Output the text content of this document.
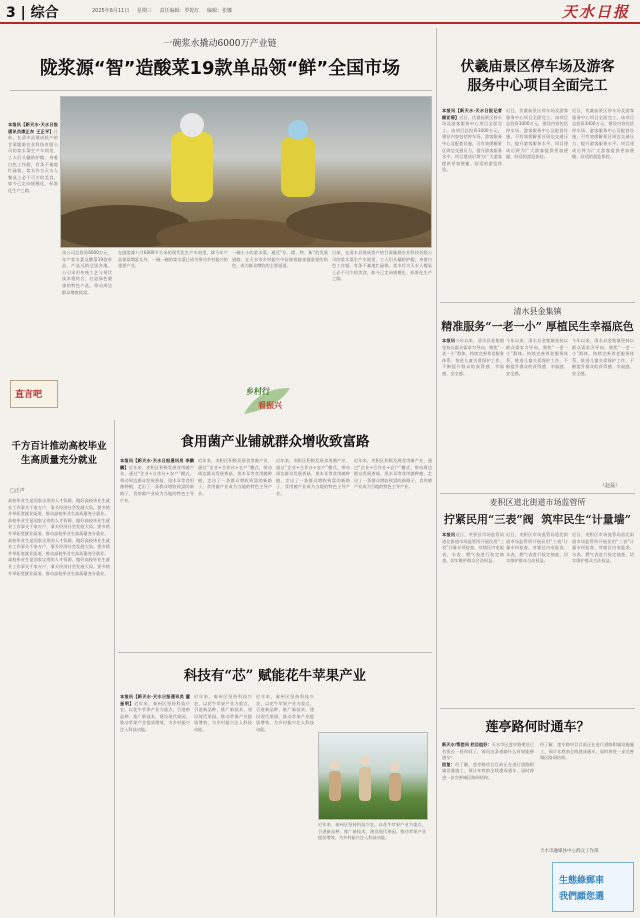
3 | 综合	2025年6月11日 星期三 责任编辑：罗乾红 编辑：张娜	天水日报
一碗浆水撬动6000万产业链
陇浆源“智”造酸菜19款单品领“鲜”全国市场
本报讯【新天水·天水日报通讯员康正东 王正平】日前，在清水县建成投产的甘肃陇源农业科技有限公司的浆水菜生产车间里，工人们头戴防护帽，身着白色工作服，有条不紊地忙碌着。浆水作为天水人餐桌上必不可少的美食，如今已走向规模化、标准化生产之路。
该公司总投资6000万元，年产浆水菜及酸菜19款单品，产品远销全国各地。公司采用传统工艺与现代技术相结合，打造绿色健康的特色产品，带动周边群众增收致富。
在陇浆源八月6000平方米的现代化生产车间里，除今年产品保质期延长外，一碗一碗的浆水菜已成为带动乡村振兴的重要产业。
一碗小小的浆水菜，通过“专、精、特、新”的发展道路，在天水市乡村振兴中扮演着越来越重要的角色，成为群众增收的主要渠道。
日前，在清水县建成投产的甘肃陇源农业科技有限公司的浆水菜生产车间里，工人们头戴防护帽，身着白色工作服，有条不紊地忙碌着。浆水作为天水人餐桌上必不可少的美食，如今已走向规模化、标准化生产之路。
伏羲庙景区停车场及游客
服务中心项目全面完工
本报讯【新天水·天水日报记者 顾亚菊】近日，伏羲庙景区停车场及游客服务中心项目全面完工。该项目总投资3400万元，建设内容包括停车场、游客服务中心及配套设施，可有效缓解景区周边交通压力，提升游客服务水平。项目建成后将为广大游客提供更加便捷、舒适的游览体验。
近日，伏羲庙景区停车场及游客服务中心项目全面完工。该项目总投资3400万元，建设内容包括停车场、游客服务中心及配套设施，可有效缓解景区周边交通压力，提升游客服务水平。项目建成后将为广大游客提供更加便捷、舒适的游览体验。
近日，伏羲庙景区停车场及游客服务中心项目全面完工。该项目总投资3400万元，建设内容包括停车场、游客服务中心及配套设施，可有效缓解景区周边交通压力，提升游客服务水平。项目建成后将为广大游客提供更加便捷、舒适的游览体验。
清水县金集镇
精准服务“一老一小” 厚植民生幸福底色
本报讯今年以来，清水县金集镇坚持以群众需求为导向，聚焦“一老一小”群体，持续完善养老服务体系，推进儿童关爱保护工作，不断提升群众的获得感、幸福感、安全感。
今年以来，清水县金集镇坚持以群众需求为导向，聚焦“一老一小”群体，持续完善养老服务体系，推进儿童关爱保护工作，不断提升群众的获得感、幸福感、安全感。
今年以来，清水县金集镇坚持以群众需求为导向，聚焦“一老一小”群体，持续完善养老服务体系，推进儿童关爱保护工作，不断提升群众的获得感、幸福感、安全感。
（赵磊）
麦积区道北街道市场监管所
拧紧民用“三表”阀 筑牢民生“计量墙”
本报讯近日，麦积区市场监管局道北街道市场监管所开展民用“三表”计量专项检查，对辖区内电能表、水表、燃气表进行检定抽查，切实维护群众合法权益。
近日，麦积区市场监管局道北街道市场监管所开展民用“三表”计量专项检查，对辖区内电能表、水表、燃气表进行检定抽查，切实维护群众合法权益。
近日，麦积区市场监管局道北街道市场监管所开展民用“三表”计量专项检查，对辖区内电能表、水表、燃气表进行检定抽查，切实维护群众合法权益。
莲亭路何时通车？
新天水/帮您问 栏目组好：天水市区莲亭路建设已有很长一段时间了，请问这条道路什么时候能够通车？
回复：经了解，莲亭路项目目前正在进行道路附属设施施工，预计年底前全线建成通车，届时将进一步完善城区路网结构。
经了解，莲亭路项目目前正在进行道路附属设施施工，预计年底前全线建成通车，届时将进一步完善城区路网结构。
天水市融媒体中心群众工作部
生態綠郵車
我們願您選
直言吧
千方百计推动高校毕业生高质量充分就业
□正声
高校毕业生是国家宝贵的人才资源，做好高校毕业生就业工作事关千家万户，事关经济社会发展大局。要多措并举拓宽就业渠道，推动高校毕业生高质量充分就业。
高校毕业生是国家宝贵的人才资源，做好高校毕业生就业工作事关千家万户，事关经济社会发展大局。要多措并举拓宽就业渠道，推动高校毕业生高质量充分就业。
高校毕业生是国家宝贵的人才资源，做好高校毕业生就业工作事关千家万户，事关经济社会发展大局。要多措并举拓宽就业渠道，推动高校毕业生高质量充分就业。
高校毕业生是国家宝贵的人才资源，做好高校毕业生就业工作事关千家万户，事关经济社会发展大局。要多措并举拓宽就业渠道，推动高校毕业生高质量充分就业。
乡村行
看振兴
食用菌产业铺就群众增收致富路
本报讯【新天水·天水日报通讯员 李鹏鹏】近年来，麦积区积极发展食用菌产业，通过“企业+合作社+农户”模式，带动周边群众发展香菇、黑木耳等食用菌种植，走出了一条群众增收致富的新路子，食用菌产业成为当地的特色主导产业。
近年来，麦积区积极发展食用菌产业，通过“企业+合作社+农户”模式，带动周边群众发展香菇、黑木耳等食用菌种植，走出了一条群众增收致富的新路子，食用菌产业成为当地的特色主导产业。
近年来，麦积区积极发展食用菌产业，通过“企业+合作社+农户”模式，带动周边群众发展香菇、黑木耳等食用菌种植，走出了一条群众增收致富的新路子，食用菌产业成为当地的特色主导产业。
近年来，麦积区积极发展食用菌产业，通过“企业+合作社+农户”模式，带动周边群众发展香菇、黑木耳等食用菌种植，走出了一条群众增收致富的新路子，食用菌产业成为当地的特色主导产业。
科技有“芯” 赋能花牛苹果产业
本报讯【新天水·天水日报通讯员 董奎明】近年来，秦州区坚持科技兴农，以花牛苹果产业为重点，引进新品种、推广新技术，建设现代果园，推动苹果产业提质增效，为乡村振兴注入科技动能。
近年来，秦州区坚持科技兴农，以花牛苹果产业为重点，引进新品种、推广新技术，建设现代果园，推动苹果产业提质增效，为乡村振兴注入科技动能。
近年来，秦州区坚持科技兴农，以花牛苹果产业为重点，引进新品种、推广新技术，建设现代果园，推动苹果产业提质增效，为乡村振兴注入科技动能。
近年来，秦州区坚持科技兴农，以花牛苹果产业为重点，引进新品种、推广新技术，建设现代果园，推动苹果产业提质增效，为乡村振兴注入科技动能。
